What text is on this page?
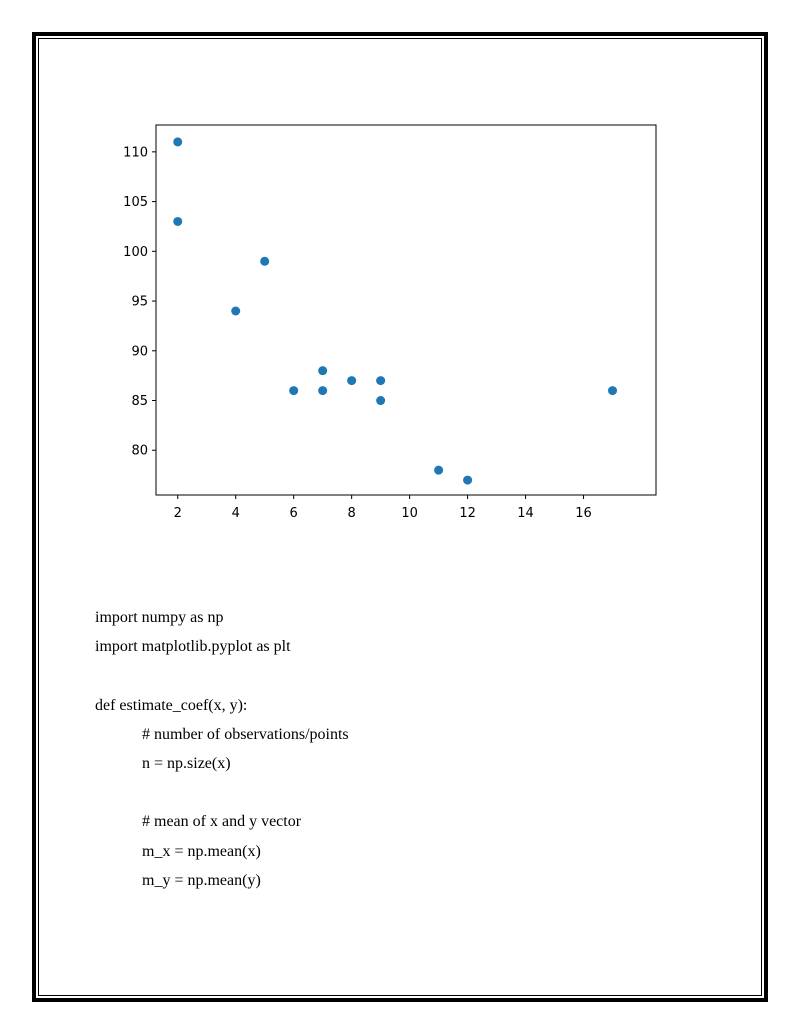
80
85
90
95
100
105
110
2	4	6	8	10	12	14	16
import numpy as np
import matplotlib.pyplot as plt
def estimate_coef(x, y):
# number of observations/points
n = np.size(x)
# mean of x and y vector
m_x = np.mean(x)
m_y = np.mean(y)
